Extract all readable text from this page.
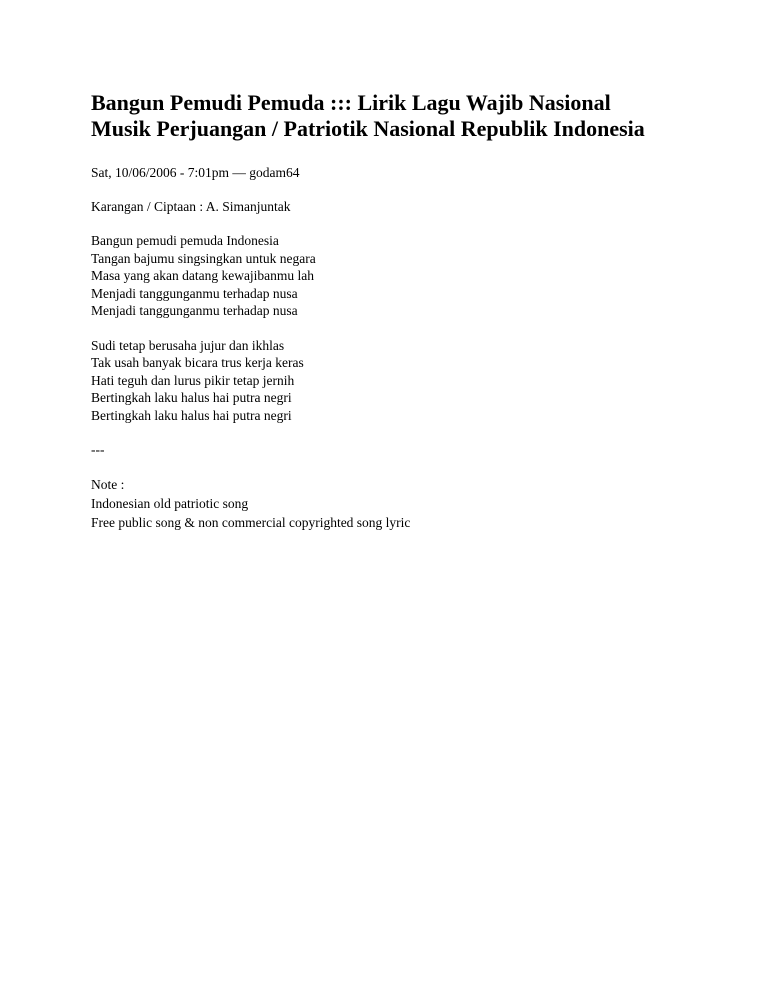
Bangun Pemudi Pemuda ::: Lirik Lagu Wajib Nasional
Musik Perjuangan / Patriotik Nasional Republik Indonesia
Sat, 10/06/2006 - 7:01pm — godam64
Karangan / Ciptaan : A. Simanjuntak
Bangun pemudi pemuda Indonesia
Tangan bajumu singsingkan untuk negara
Masa yang akan datang kewajibanmu lah
Menjadi tanggunganmu terhadap nusa
Menjadi tanggunganmu terhadap nusa
Sudi tetap berusaha jujur dan ikhlas
Tak usah banyak bicara trus kerja keras
Hati teguh dan lurus pikir tetap jernih
Bertingkah laku halus hai putra negri
Bertingkah laku halus hai putra negri
---
Note :
Indonesian old patriotic song
Free public song & non commercial copyrighted song lyric
